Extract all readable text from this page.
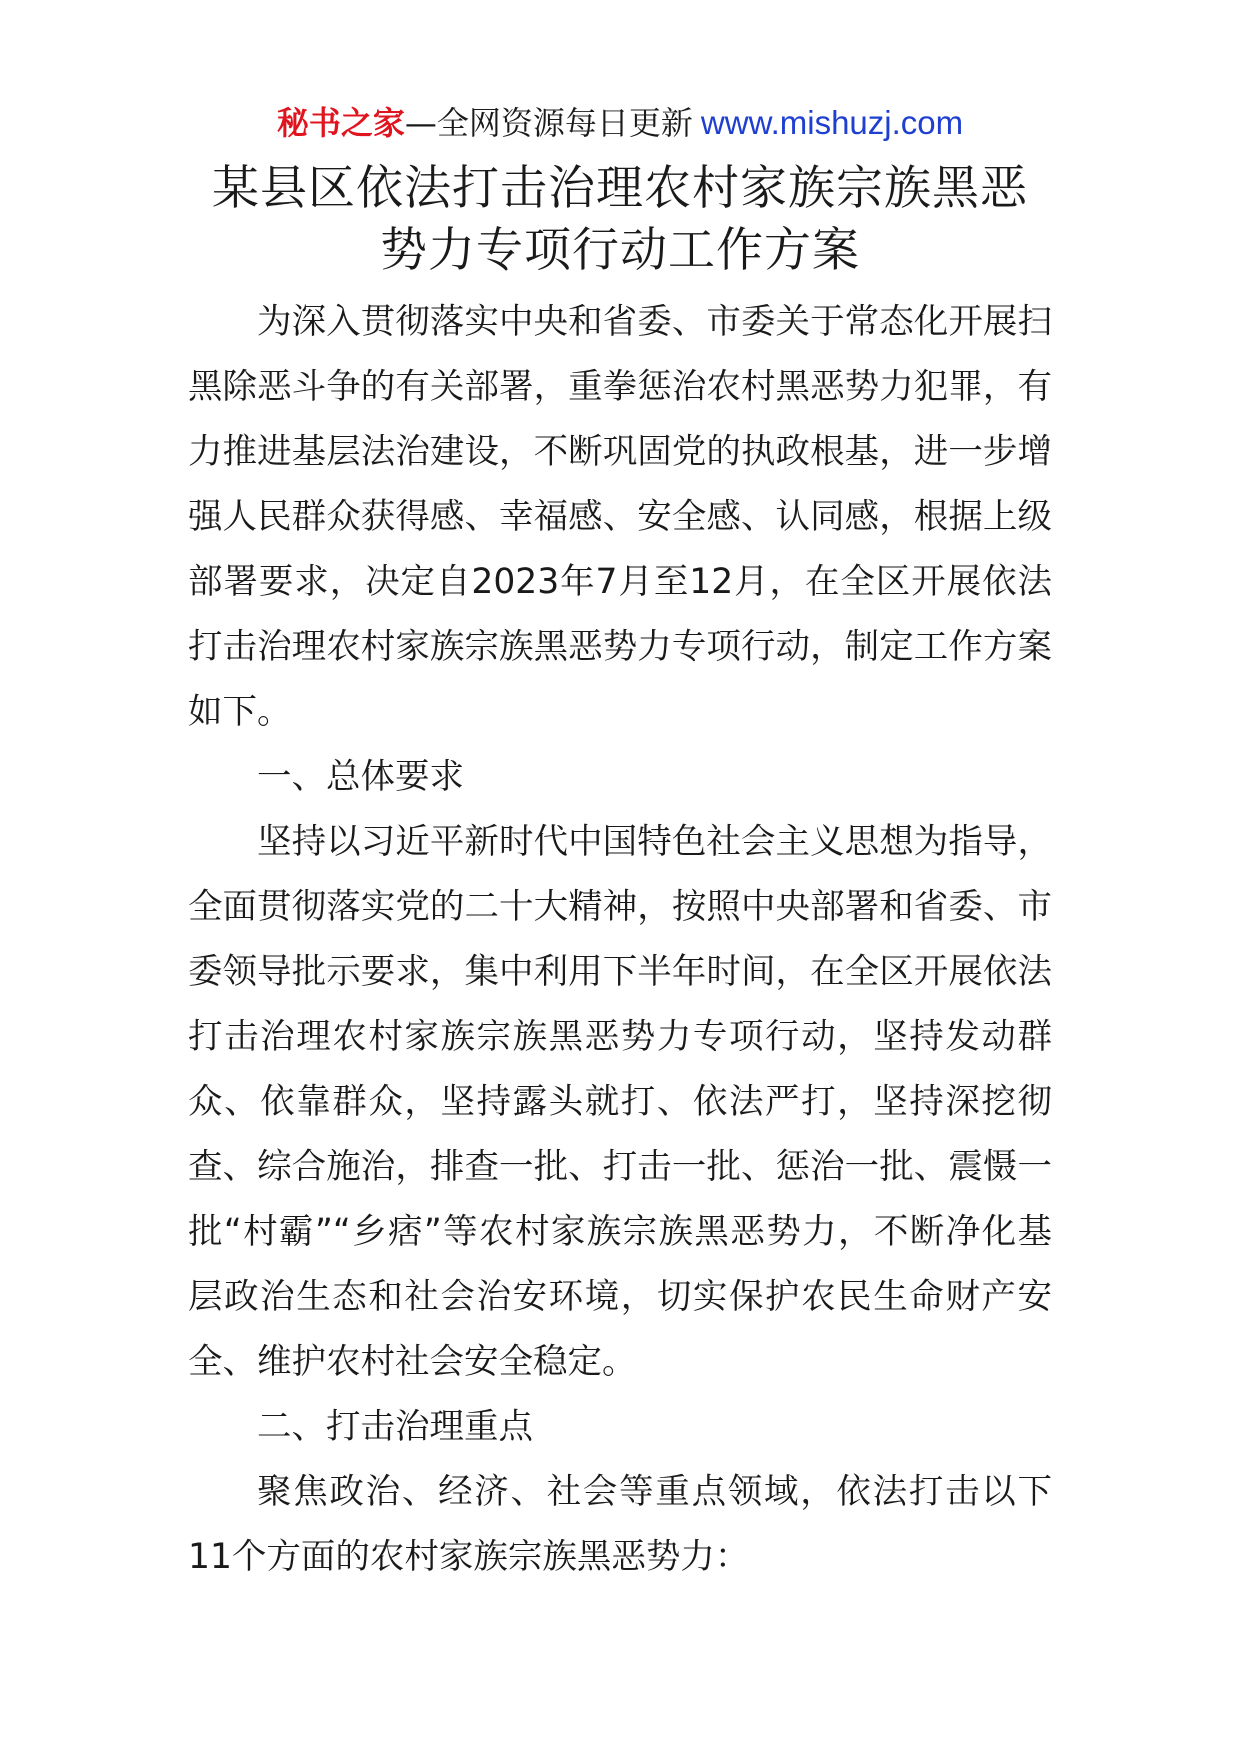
秘书之家—全网资源每日更新 www.mishuzj.com
某县区依法打击治理农村家族宗族黑恶
势力专项行动工作方案

为深入贯彻落实中央和省委、市委关于常态化开展扫黑除恶斗争的有关部署，重拳惩治农村黑恶势力犯罪，有力推进基层法治建设，不断巩固党的执政根基，进一步增强人民群众获得感、幸福感、安全感、认同感，根据上级部署要求，决定自2023年7月至12月，在全区开展依法打击治理农村家族宗族黑恶势力专项行动，制定工作方案如下。

一、总体要求

坚持以习近平新时代中国特色社会主义思想为指导，全面贯彻落实党的二十大精神，按照中央部署和省委、市委领导批示要求，集中利用下半年时间，在全区开展依法打击治理农村家族宗族黑恶势力专项行动，坚持发动群众、依靠群众，坚持露头就打、依法严打，坚持深挖彻查、综合施治，排查一批、打击一批、惩治一批、震慑一批“村霸”“乡痞”等农村家族宗族黑恶势力，不断净化基层政治生态和社会治安环境，切实保护农民生命财产安全、维护农村社会安全稳定。

二、打击治理重点

聚焦政治、经济、社会等重点领域，依法打击以下11个方面的农村家族宗族黑恶势力：
